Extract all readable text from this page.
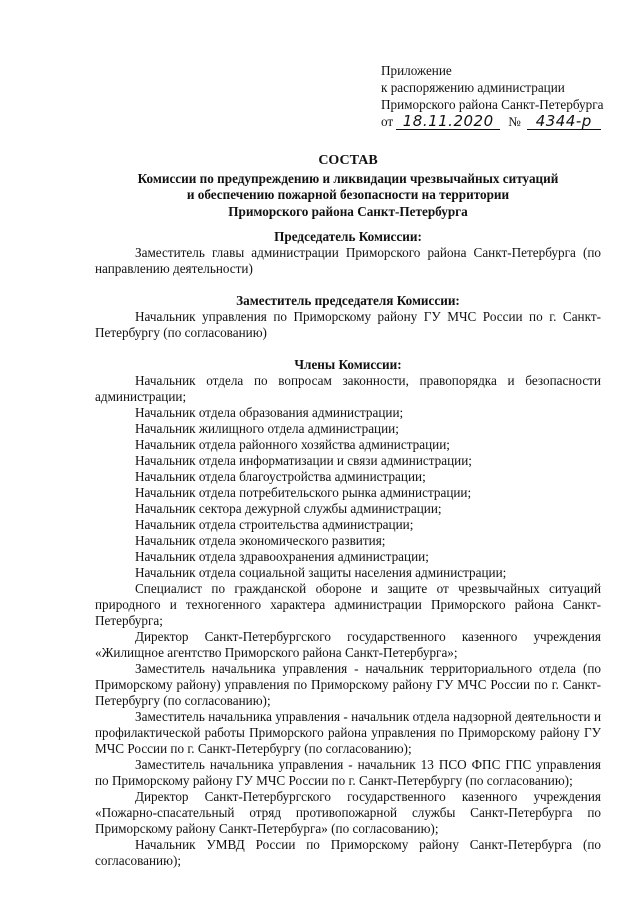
Приложение
к распоряжению администрации
Приморского района Санкт-Петербурга
от 18.11.2020	№ 4344-р
СОСТАВ
Комиссии по предупреждению и ликвидации чрезвычайных ситуаций
и обеспечению пожарной безопасности на территории
Приморского района Санкт-Петербурга
Председатель Комиссии:

Заместитель главы администрации Приморского района Санкт-Петербурга (по направлению деятельности)

Заместитель председателя Комиссии:

Начальник управления по Приморскому району ГУ МЧС России по г. Санкт-Петербургу (по согласованию)

Члены Комиссии:

Начальник отдела по вопросам законности, правопорядка и безопасности администрации;

Начальник отдела образования администрации;

Начальник жилищного отдела администрации;

Начальник отдела районного хозяйства администрации;

Начальник отдела информатизации и связи администрации;

Начальник отдела благоустройства администрации;

Начальник отдела потребительского рынка администрации;

Начальник сектора дежурной службы администрации;

Начальник отдела строительства администрации;

Начальник отдела экономического развития;

Начальник отдела здравоохранения администрации;

Начальник отдела социальной защиты населения администрации;

Специалист по гражданской обороне и защите от чрезвычайных ситуаций природного и техногенного характера администрации Приморского района Санкт-Петербурга;

Директор Санкт-Петербургского государственного казенного учреждения «Жилищное агентство Приморского района Санкт-Петербурга»;

Заместитель начальника управления - начальник территориального отдела (по Приморскому району) управления по Приморскому району ГУ МЧС России по г. Санкт-Петербургу (по согласованию);

Заместитель начальника управления - начальник отдела надзорной деятельности и профилактической работы Приморского района управления по Приморскому району ГУ МЧС России по г. Санкт-Петербургу (по согласованию);

Заместитель начальника управления - начальник 13 ПСО ФПС ГПС управления по Приморскому району ГУ МЧС России по г. Санкт-Петербургу (по согласованию);

Директор Санкт-Петербургского государственного казенного учреждения «Пожарно-спасательный отряд противопожарной службы Санкт-Петербурга по Приморскому району Санкт-Петербурга» (по согласованию);

Начальник УМВД России по Приморскому району Санкт-Петербурга (по согласованию);
